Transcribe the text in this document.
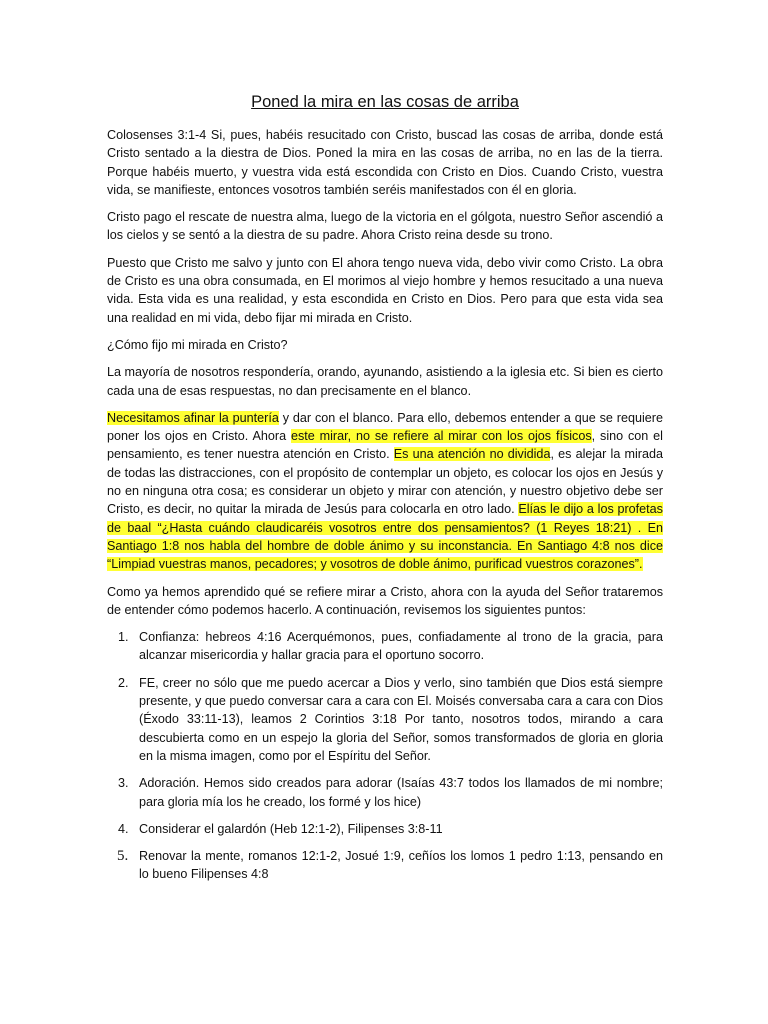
Poned la mira en las cosas de arriba

Colosenses 3:1-4 Si, pues, habéis resucitado con Cristo, buscad las cosas de arriba, donde está Cristo sentado a la diestra de Dios. Poned la mira en las cosas de arriba, no en las de la tierra. Porque habéis muerto, y vuestra vida está escondida con Cristo en Dios. Cuando Cristo, vuestra vida, se manifieste, entonces vosotros también seréis manifestados con él en gloria.

Cristo pago el rescate de nuestra alma, luego de la victoria en el gólgota, nuestro Señor ascendió a los cielos y se sentó a la diestra de su padre. Ahora Cristo reina desde su trono.

Puesto que Cristo me salvo y junto con El ahora tengo nueva vida, debo vivir como Cristo. La obra de Cristo es una obra consumada, en El morimos al viejo hombre y hemos resucitado a una nueva vida. Esta vida es una realidad, y esta escondida en Cristo en Dios. Pero para que esta vida sea una realidad en mi vida, debo fijar mi mirada en Cristo.

¿Cómo fijo mi mirada en Cristo?

La mayoría de nosotros respondería, orando, ayunando, asistiendo a la iglesia etc. Si bien es cierto cada una de esas respuestas, no dan precisamente en el blanco.

Necesitamos afinar la puntería y dar con el blanco. Para ello, debemos entender a que se requiere poner los ojos en Cristo. Ahora este mirar, no se refiere al mirar con los ojos físicos, sino con el pensamiento, es tener nuestra atención en Cristo. Es una atención no dividida, es alejar la mirada de todas las distracciones, con el propósito de contemplar un objeto, es colocar los ojos en Jesús y no en ninguna otra cosa; es considerar un objeto y mirar con atención, y nuestro objetivo debe ser Cristo, es decir, no quitar la mirada de Jesús para colocarla en otro lado. Elías le dijo a los profetas de baal “¿Hasta cuándo claudicaréis vosotros entre dos pensamientos? (1 Reyes 18:21) . En Santiago 1:8 nos habla del hombre de doble ánimo y su inconstancia. En Santiago 4:8 nos dice “Limpiad vuestras manos, pecadores; y vosotros de doble ánimo, purificad vuestros corazones”.

Como ya hemos aprendido qué se refiere mirar a Cristo, ahora con la ayuda del Señor trataremos de entender cómo podemos hacerlo. A continuación, revisemos los siguientes puntos:

1. Confianza: hebreos 4:16 Acerquémonos, pues, confiadamente al trono de la gracia, para alcanzar misericordia y hallar gracia para el oportuno socorro.
2. FE, creer no sólo que me puedo acercar a Dios y verlo, sino también que Dios está siempre presente, y que puedo conversar cara a cara con El. Moisés conversaba cara a cara con Dios (Éxodo 33:11-13), leamos 2 Corintios 3:18 Por tanto, nosotros todos, mirando a cara descubierta como en un espejo la gloria del Señor, somos transformados de gloria en gloria en la misma imagen, como por el Espíritu del Señor.
3. Adoración. Hemos sido creados para adorar (Isaías 43:7 todos los llamados de mi nombre; para gloria mía los he creado, los formé y los hice)
4. Considerar el galardón (Heb 12:1-2), Filipenses 3:8-11
5. Renovar la mente, romanos 12:1-2, Josué 1:9, ceñíos los lomos 1 pedro 1:13, pensando en lo bueno Filipenses 4:8
